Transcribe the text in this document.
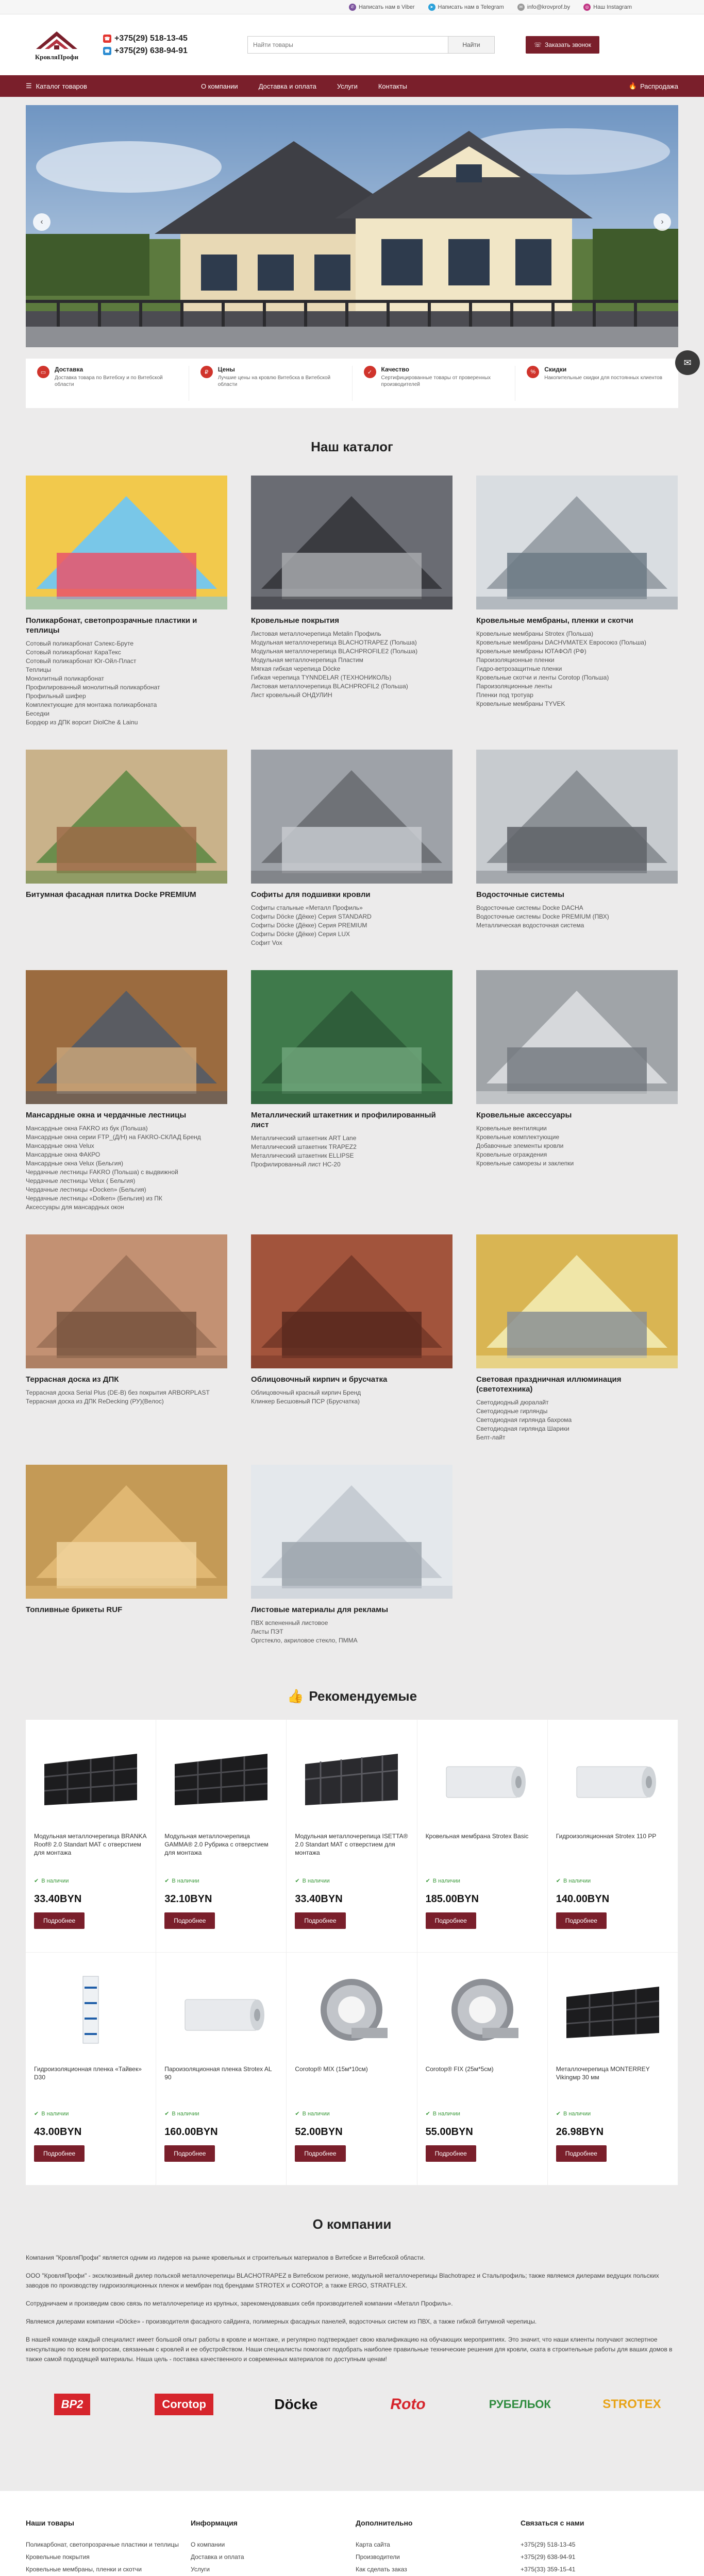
✆ Написать нам в Viber	➤ Написать нам в Telegram	✉ info@krovprof.by	◎ Наш Instagram
КровляПрофи
☎ +375(29) 518-13-45
☎ +375(29) 638-94-91
Найти товары
Найти	☏ Заказать звонок
☰ Каталог товаров	О компании	Доставка и оплата	Услуги	Контакты	🔥 Распродажа
‹	›
✉
▭	Доставка
Доставка товара по Витебску и по Витебской области
₽	Цены
Лучшие цены на кровлю Витебска в Витебской области
✓	Качество
Сертифицированные товары от проверенных производителей
%	Скидки
Накопительные скидки для постоянных клиентов
Наш каталог
Поликарбонат, светопрозрачные пластики и теплицы
Сотовый поликарбонат Сэлекс-Бруте
Сотовый поликарбонат КараТекс
Сотовый поликарбонат Юг-Ойл-Пласт
Теплицы
Монолитный поликарбонат
Профилированный монолитный поликарбонат
Профильный шифер
Комплектующие для монтажа поликарбоната
Беседки
Бордюр из ДПК ворсит DiolChe & Lainu
Кровельные покрытия
Листовая металлочерепица Metalin Профиль
Модульная металлочерепица BLACHOTRAPEZ (Польша)
Модульная металлочерепица BLACHPROFILE2 (Польша)
Модульная металлочерепица Пластим
Мягкая гибкая черепица Döcke
Гибкая черепица TYNNDELAR (ТЕХНОНИКОЛЬ)
Листовая металлочерепица BLACHPROFIL2 (Польша)
Лист кровельный ОНДУЛИН
Кровельные мембраны, пленки и скотчи
Кровельные мембраны Strotex (Польша)
Кровельные мембраны DACHVMATEX Евросоюз (Польша)
Кровельные мембраны ЮТАФОЛ (РФ)
Пароизоляционные пленки
Гидро-ветрозащитные пленки
Кровельные скотчи и ленты Corotop (Польша)
Пароизоляционные ленты
Пленки под тротуар
Кровельные мембраны TYVEK
Битумная фасадная плитка Docke PREMIUM	Софиты для подшивки кровли
Софиты стальные «Металл Профиль»
Софиты Döcke (Дёкке) Серия STANDARD
Софиты Döcke (Дёкке) Серия PREMIUM
Софиты Döcke (Дёкке) Серия LUX
Софит Vox
Водосточные системы
Водосточные системы Docke DACHA
Водосточные системы Docke PREMIUM (ПВХ)
Металлическая водосточная система
Мансардные окна и чердачные лестницы
Мансардные окна FAKRO из бук (Польша)
Мансардные окна серии FTP_(Д/Н) на FAKRO-СКЛАД Бренд
Мансардные окна Velux
Мансардные окна ФАКРО
Мансардные окна Velux (Бельгия)
Чердачные лестницы FAKRO (Польша) с выдвижной
Чердачные лестницы Velux ( Бельгия)
Чердачные лестницы «Docken» (Бельгия)
Чердачные лестницы «Dolken» (Бельгия) из ПК
Аксессуары для мансардных окон
Металлический штакетник и профилированный лист
Металлический штакетник ART Lane
Металлический штакетник TRAPEZ2
Металлический штакетник ELLIPSE
Профилированный лист НС-20
Кровельные аксессуары
Кровельные вентиляции
Кровельные комплектующие
Добавочные элементы кровли
Кровельные ограждения
Кровельные саморезы и заклепки
Террасная доска из ДПК
Террасная доска Serial Рlus (DE-B) без покрытия ARBORPLAST
Террасная доска из ДПК ReDecking (РУ)(Велос)
Облицовочный кирпич и брусчатка
Облицовочный красный кирпич Бренд
Клинкер Бесшовный ПСР (Брусчатка)
Световая праздничная иллюминация (светотехника)
Светодиодный дюралайт
Светодиодные гирлянды
Светодиодная гирлянда бахрома
Светодиодная гирлянда Шарики
Белт-лайт
Топливные брикеты RUF	Листовые материалы для рекламы
ПВХ вспененный листовое
Листы ПЭТ
Оргстекло, акриловое стекло, ПММА
👍 Рекомендуемые
Модульная металлочерепица BRANKA Roof® 2.0 Standart МАТ с отверстием для монтажа
✔ В наличии
33.40BYN
Подробнее
Модульная металлочерепица GAMMA® 2.0 Рубрика с отверстием для монтажа
✔ В наличии
32.10BYN
Подробнее
Модульная металлочерепица ISETTA® 2.0 Standart МАТ с отверстием для монтажа
✔ В наличии
33.40BYN
Подробнее
Кровельная мембрана Strotex Basic
✔ В наличии
185.00BYN
Подробнее
Гидроизоляционная Strotex 110 PP
✔ В наличии
140.00BYN
Подробнее
Гидроизоляционная пленка «Тайвек» D30
✔ В наличии
43.00BYN
Подробнее
Пароизоляционная пленка Strotex AL 90
✔ В наличии
160.00BYN
Подробнее
Corotop® MIX (15м*10см)
✔ В наличии
52.00BYN
Подробнее
Corotop® FIX (25м*5см)
✔ В наличии
55.00BYN
Подробнее
Металлочерепица MONTERREY Vikingмр 30 мм
✔ В наличии
26.98BYN
Подробнее
О компании

Компания "КровляПрофи" является одним из лидеров на рынке кровельных и строительных материалов в Витебске и Витебской области.

ООО "КровляПрофи" - эксклюзивный дилер польской металлочерепицы BLACHOTRAPEZ в Витебском регионе, модульной металлочерепицы Blachotrapez и Стальпрофиль; также являемся дилерами ведущих польских заводов по производству гидроизоляционных пленок и мембран под брендами STROTEX и COROTOP, а также ERGO, STRATFLEX.

Сотрудничаем и произведим свою связь по металлочерепице из крупных, зарекомендовавших себя производителей компании «Металл Профиль».

Являемся дилерами компании «Döcke» - производителя фасадного сайдинга, полимерных фасадных панелей, водосточных систем из ПВХ, а также гибкой битумной черепицы.

В нашей команде каждый специалист имеет большой опыт работы в кровле и монтаже, и регулярно подтверждает свою квалификацию на обучающих мероприятиях. Это значит, что наши клиенты получают экспертное консультацию по всем вопросам, связанным с кровлей и ее обустройством. Наши специалисты помогают подобрать наиболее правильные технические решения для кровли, ската в строительные работы для ваших домов в также самой подходящей материалы. Наша цель - поставка качественного и современных материалов по доступным ценам!

BP2	Corotop	Döcke	Roto	РУБЕЛЬОК	STROTEX
Наши товары
Поликарбонат, светопрозрачные пластики и теплицы
Кровельные покрытия
Кровельные мембраны, пленки и скотчи
Информация
О компании
Доставка и оплата
Услуги
Дополнительно
Карта сайта
Производители
Как сделать заказ
Связаться с нами
+375(29) 518-13-45
+375(29) 638-94-91
+375(33) 359-15-41
